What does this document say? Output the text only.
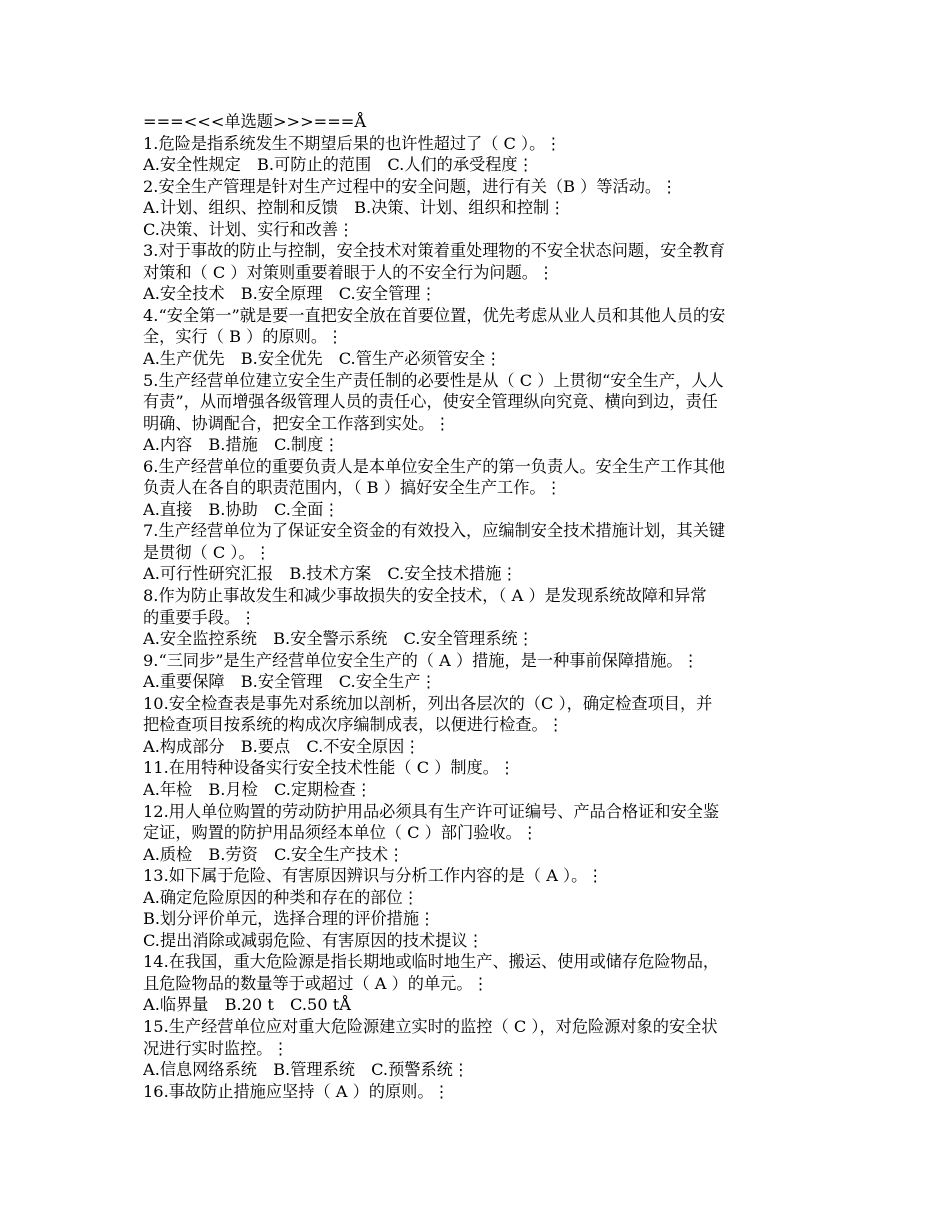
===<<<单选题>>>===Å
1.危险是指系统发生不期望后果的也许性超过了（ C ）。⋮
A.安全性规定　B.可防止的范围　C.人们的承受程度⋮
2.安全生产管理是针对生产过程中的安全问题，进行有关（B ）等活动。⋮
A.计划、组织、控制和反馈　B.决策、计划、组织和控制⋮
C.决策、计划、实行和改善⋮
3.对于事故的防止与控制，安全技术对策着重处理物的不安全状态问题，安全教育
对策和（ C ）对策则重要着眼于人的不安全行为问题。⋮
A.安全技术　B.安全原理　C.安全管理⋮
4.“安全第一”就是要一直把安全放在首要位置，优先考虑从业人员和其他人员的安
全，实行（ B ）的原则。⋮
A.生产优先　B.安全优先　C.管生产必须管安全⋮
5.生产经营单位建立安全生产责任制的必要性是从（ C ）上贯彻“安全生产，人人
有责”，从而增强各级管理人员的责任心，使安全管理纵向究竟、横向到边，责任
明确、协调配合，把安全工作落到实处。⋮
A.内容　B.措施　C.制度⋮
6.生产经营单位的重要负责人是本单位安全生产的第一负责人。安全生产工作其他
负责人在各自的职责范围内，（ B ）搞好安全生产工作。⋮
A.直接　B.协助　C.全面⋮
7.生产经营单位为了保证安全资金的有效投入，应编制安全技术措施计划，其关键
是贯彻（ C ）。⋮
A.可行性研究汇报　B.技术方案　C.安全技术措施⋮
8.作为防止事故发生和减少事故损失的安全技术，（ A ）是发现系统故障和异常
的重要手段。⋮
A.安全监控系统　B.安全警示系统　C.安全管理系统⋮
9.“三同步”是生产经营单位安全生产的（ A ）措施，是一种事前保障措施。⋮
A.重要保障　B.安全管理　C.安全生产⋮
10.安全检查表是事先对系统加以剖析，列出各层次的（C ），确定检查项目，并
把检查项目按系统的构成次序编制成表，以便进行检查。⋮
A.构成部分　B.要点　C.不安全原因⋮
11.在用特种设备实行安全技术性能（ C ）制度。⋮
A.年检　B.月检　C.定期检查⋮
12.用人单位购置的劳动防护用品必须具有生产许可证编号、产品合格证和安全鉴
定证，购置的防护用品须经本单位（ C ）部门验收。⋮
A.质检　B.劳资　C.安全生产技术⋮
13.如下属于危险、有害原因辨识与分析工作内容的是（ A ）。⋮
A.确定危险原因的种类和存在的部位⋮
B.划分评价单元，选择合理的评价措施⋮
C.提出消除或减弱危险、有害原因的技术提议⋮
14.在我国，重大危险源是指长期地或临时地生产、搬运、使用或储存危险物品，
且危险物品的数量等于或超过（ A ）的单元。⋮
A.临界量　B.20 t　C.50 tÅ
15.生产经营单位应对重大危险源建立实时的监控（ C ），对危险源对象的安全状
况进行实时监控。⋮
A.信息网络系统　B.管理系统　C.预警系统⋮
16.事故防止措施应坚持（ A ）的原则。⋮
